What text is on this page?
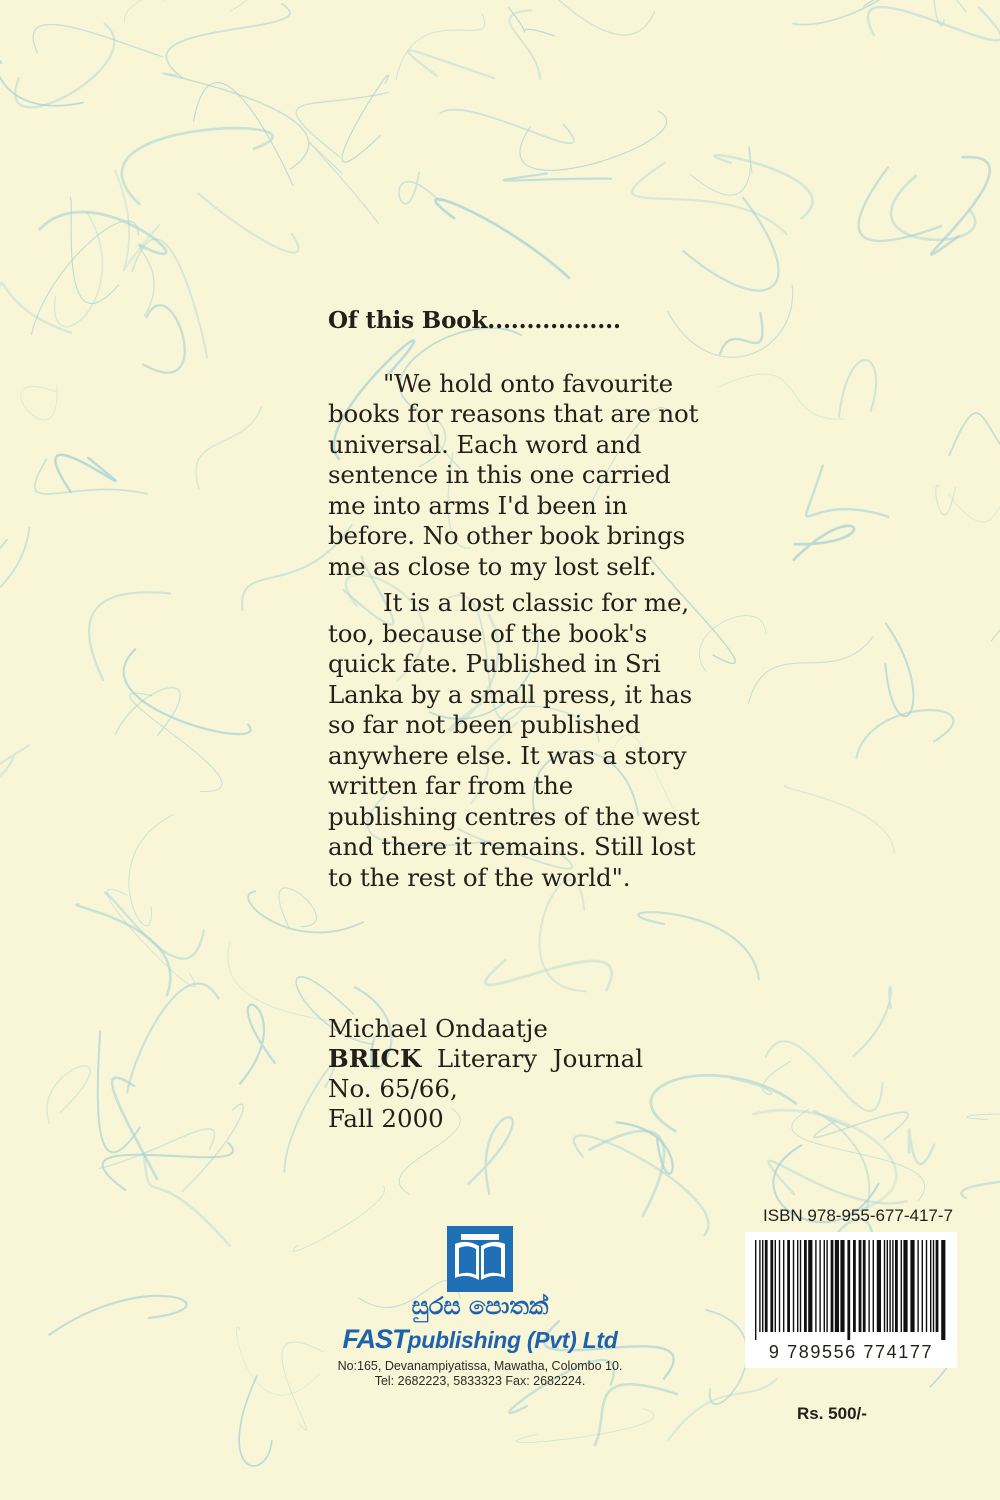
Of this Book.................

"We hold onto favourite books for reasons that are not universal. Each word and sentence in this one carried me into arms I'd been in before. No other book brings me as close to my lost self.

It is a lost classic for me, too, because of the book's quick fate. Published in Sri Lanka by a small press, it has so far not been published anywhere else. It was a story written far from the publishing centres of the west and there it remains. Still lost to the rest of the world".

Michael Ondaatje
BRICK  Literary  Journal
No. 65/66,
Fall 2000
සුරස පොතක්
FASTpublishing (Pvt) Ltd
No:165, Devanampiyatissa, Mawatha, Colombo 10.
Tel: 2682223, 5833323 Fax: 2682224.
ISBN 978-955-677-417-7
9 789556 774177
Rs. 500/-
